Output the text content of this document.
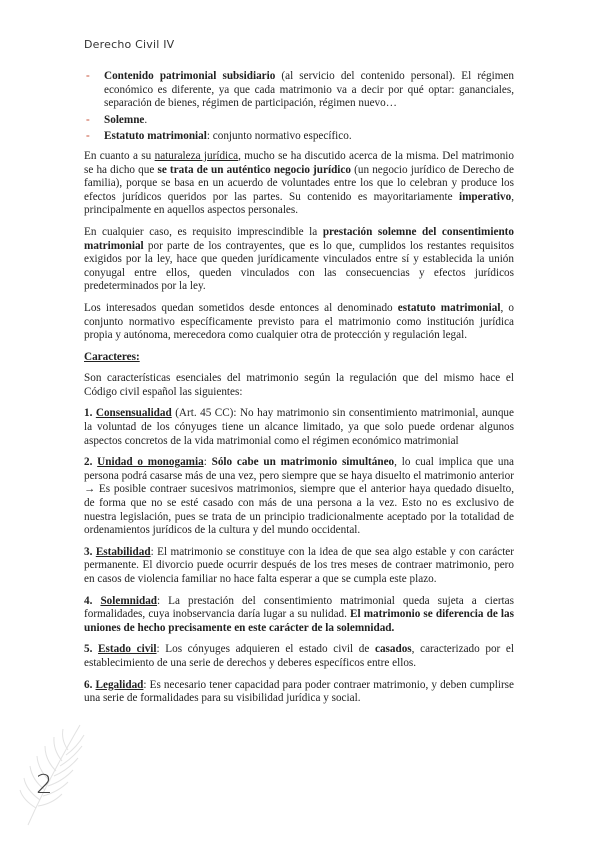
Derecho Civil IV
- Contenido patrimonial subsidiario (al servicio del contenido personal). El régimen económico es diferente, ya que cada matrimonio va a decir por qué optar: gananciales, separación de bienes, régimen de participación, régimen nuevo…
- Solemne.
- Estatuto matrimonial: conjunto normativo específico.

En cuanto a su naturaleza jurídica, mucho se ha discutido acerca de la misma. Del matrimonio se ha dicho que se trata de un auténtico negocio jurídico (un negocio jurídico de Derecho de familia), porque se basa en un acuerdo de voluntades entre los que lo celebran y produce los efectos jurídicos queridos por las partes. Su contenido es mayoritariamente imperativo, principalmente en aquellos aspectos personales.

En cualquier caso, es requisito imprescindible la prestación solemne del consentimiento matrimonial por parte de los contrayentes, que es lo que, cumplidos los restantes requisitos exigidos por la ley, hace que queden jurídicamente vinculados entre sí y establecida la unión conyugal entre ellos, queden vinculados con las consecuencias y efectos jurídicos predeterminados por la ley.

Los interesados quedan sometidos desde entonces al denominado estatuto matrimonial, o conjunto normativo específicamente previsto para el matrimonio como institución jurídica propia y autónoma, merecedora como cualquier otra de protección y regulación legal.

Caracteres:

Son características esenciales del matrimonio según la regulación que del mismo hace el Código civil español las siguientes:

1. Consensualidad (Art. 45 CC): No hay matrimonio sin consentimiento matrimonial, aunque la voluntad de los cónyuges tiene un alcance limitado, ya que solo puede ordenar algunos aspectos concretos de la vida matrimonial como el régimen económico matrimonial

2. Unidad o monogamia: Sólo cabe un matrimonio simultáneo, lo cual implica que una persona podrá casarse más de una vez, pero siempre que se haya disuelto el matrimonio anterior → Es posible contraer sucesivos matrimonios, siempre que el anterior haya quedado disuelto, de forma que no se esté casado con más de una persona a la vez. Esto no es exclusivo de nuestra legislación, pues se trata de un principio tradicionalmente aceptado por la totalidad de ordenamientos jurídicos de la cultura y del mundo occidental.

3. Estabilidad: El matrimonio se constituye con la idea de que sea algo estable y con carácter permanente. El divorcio puede ocurrir después de los tres meses de contraer matrimonio, pero en casos de violencia familiar no hace falta esperar a que se cumpla este plazo.

4. Solemnidad: La prestación del consentimiento matrimonial queda sujeta a ciertas formalidades, cuya inobservancia daría lugar a su nulidad. El matrimonio se diferencia de las uniones de hecho precisamente en este carácter de la solemnidad.

5. Estado civil: Los cónyuges adquieren el estado civil de casados, caracterizado por el establecimiento de una serie de derechos y deberes específicos entre ellos.

6. Legalidad: Es necesario tener capacidad para poder contraer matrimonio, y deben cumplirse una serie de formalidades para su visibilidad jurídica y social.

2
